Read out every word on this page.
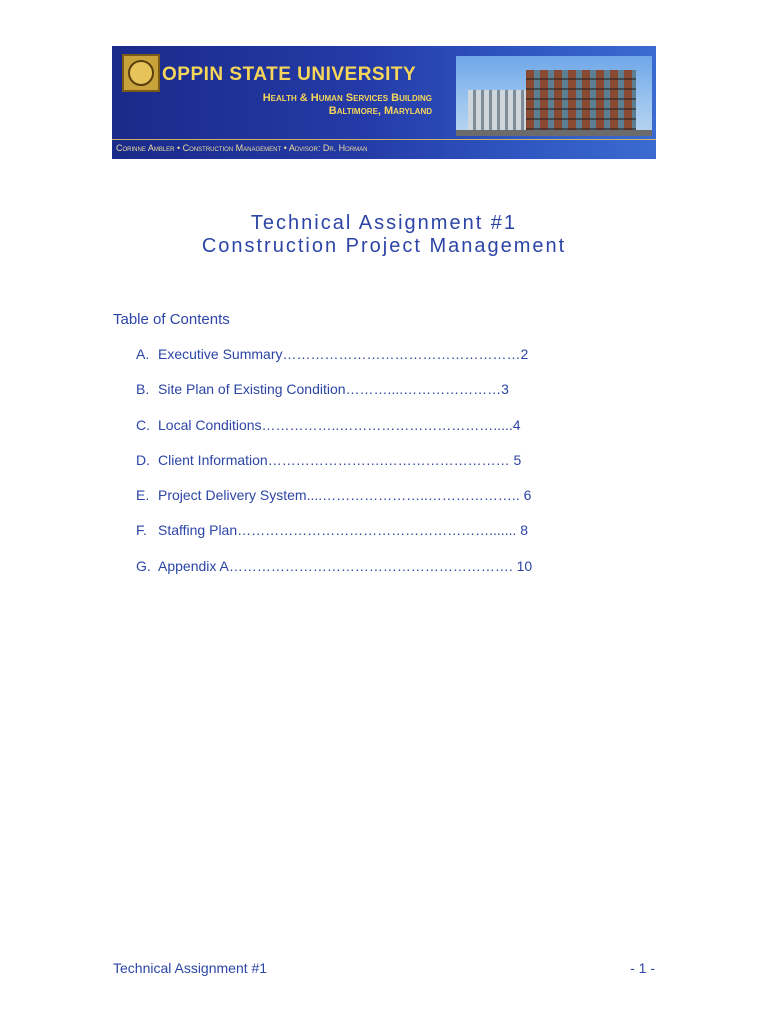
OPPIN STATE UNIVERSITY
Health & Human Services Building
Baltimore, Maryland
Corinne Ambler • Construction Management • Advisor: Dr. Horman
Technical Assignment #1
Construction Project Management
Table of Contents
A. Executive Summary……………………………………………2
B. Site Plan of Existing Condition………....…………………3
C. Local Conditions……………..…………………………….....4
D. Client Information…………………….……………………… 5
E. Project Delivery System....…………………..……………….. 6
F. Staffing Plan………………………………………………....... 8
G. Appendix A……………………………………………………. 10
Technical Assignment #1	- 1 -
